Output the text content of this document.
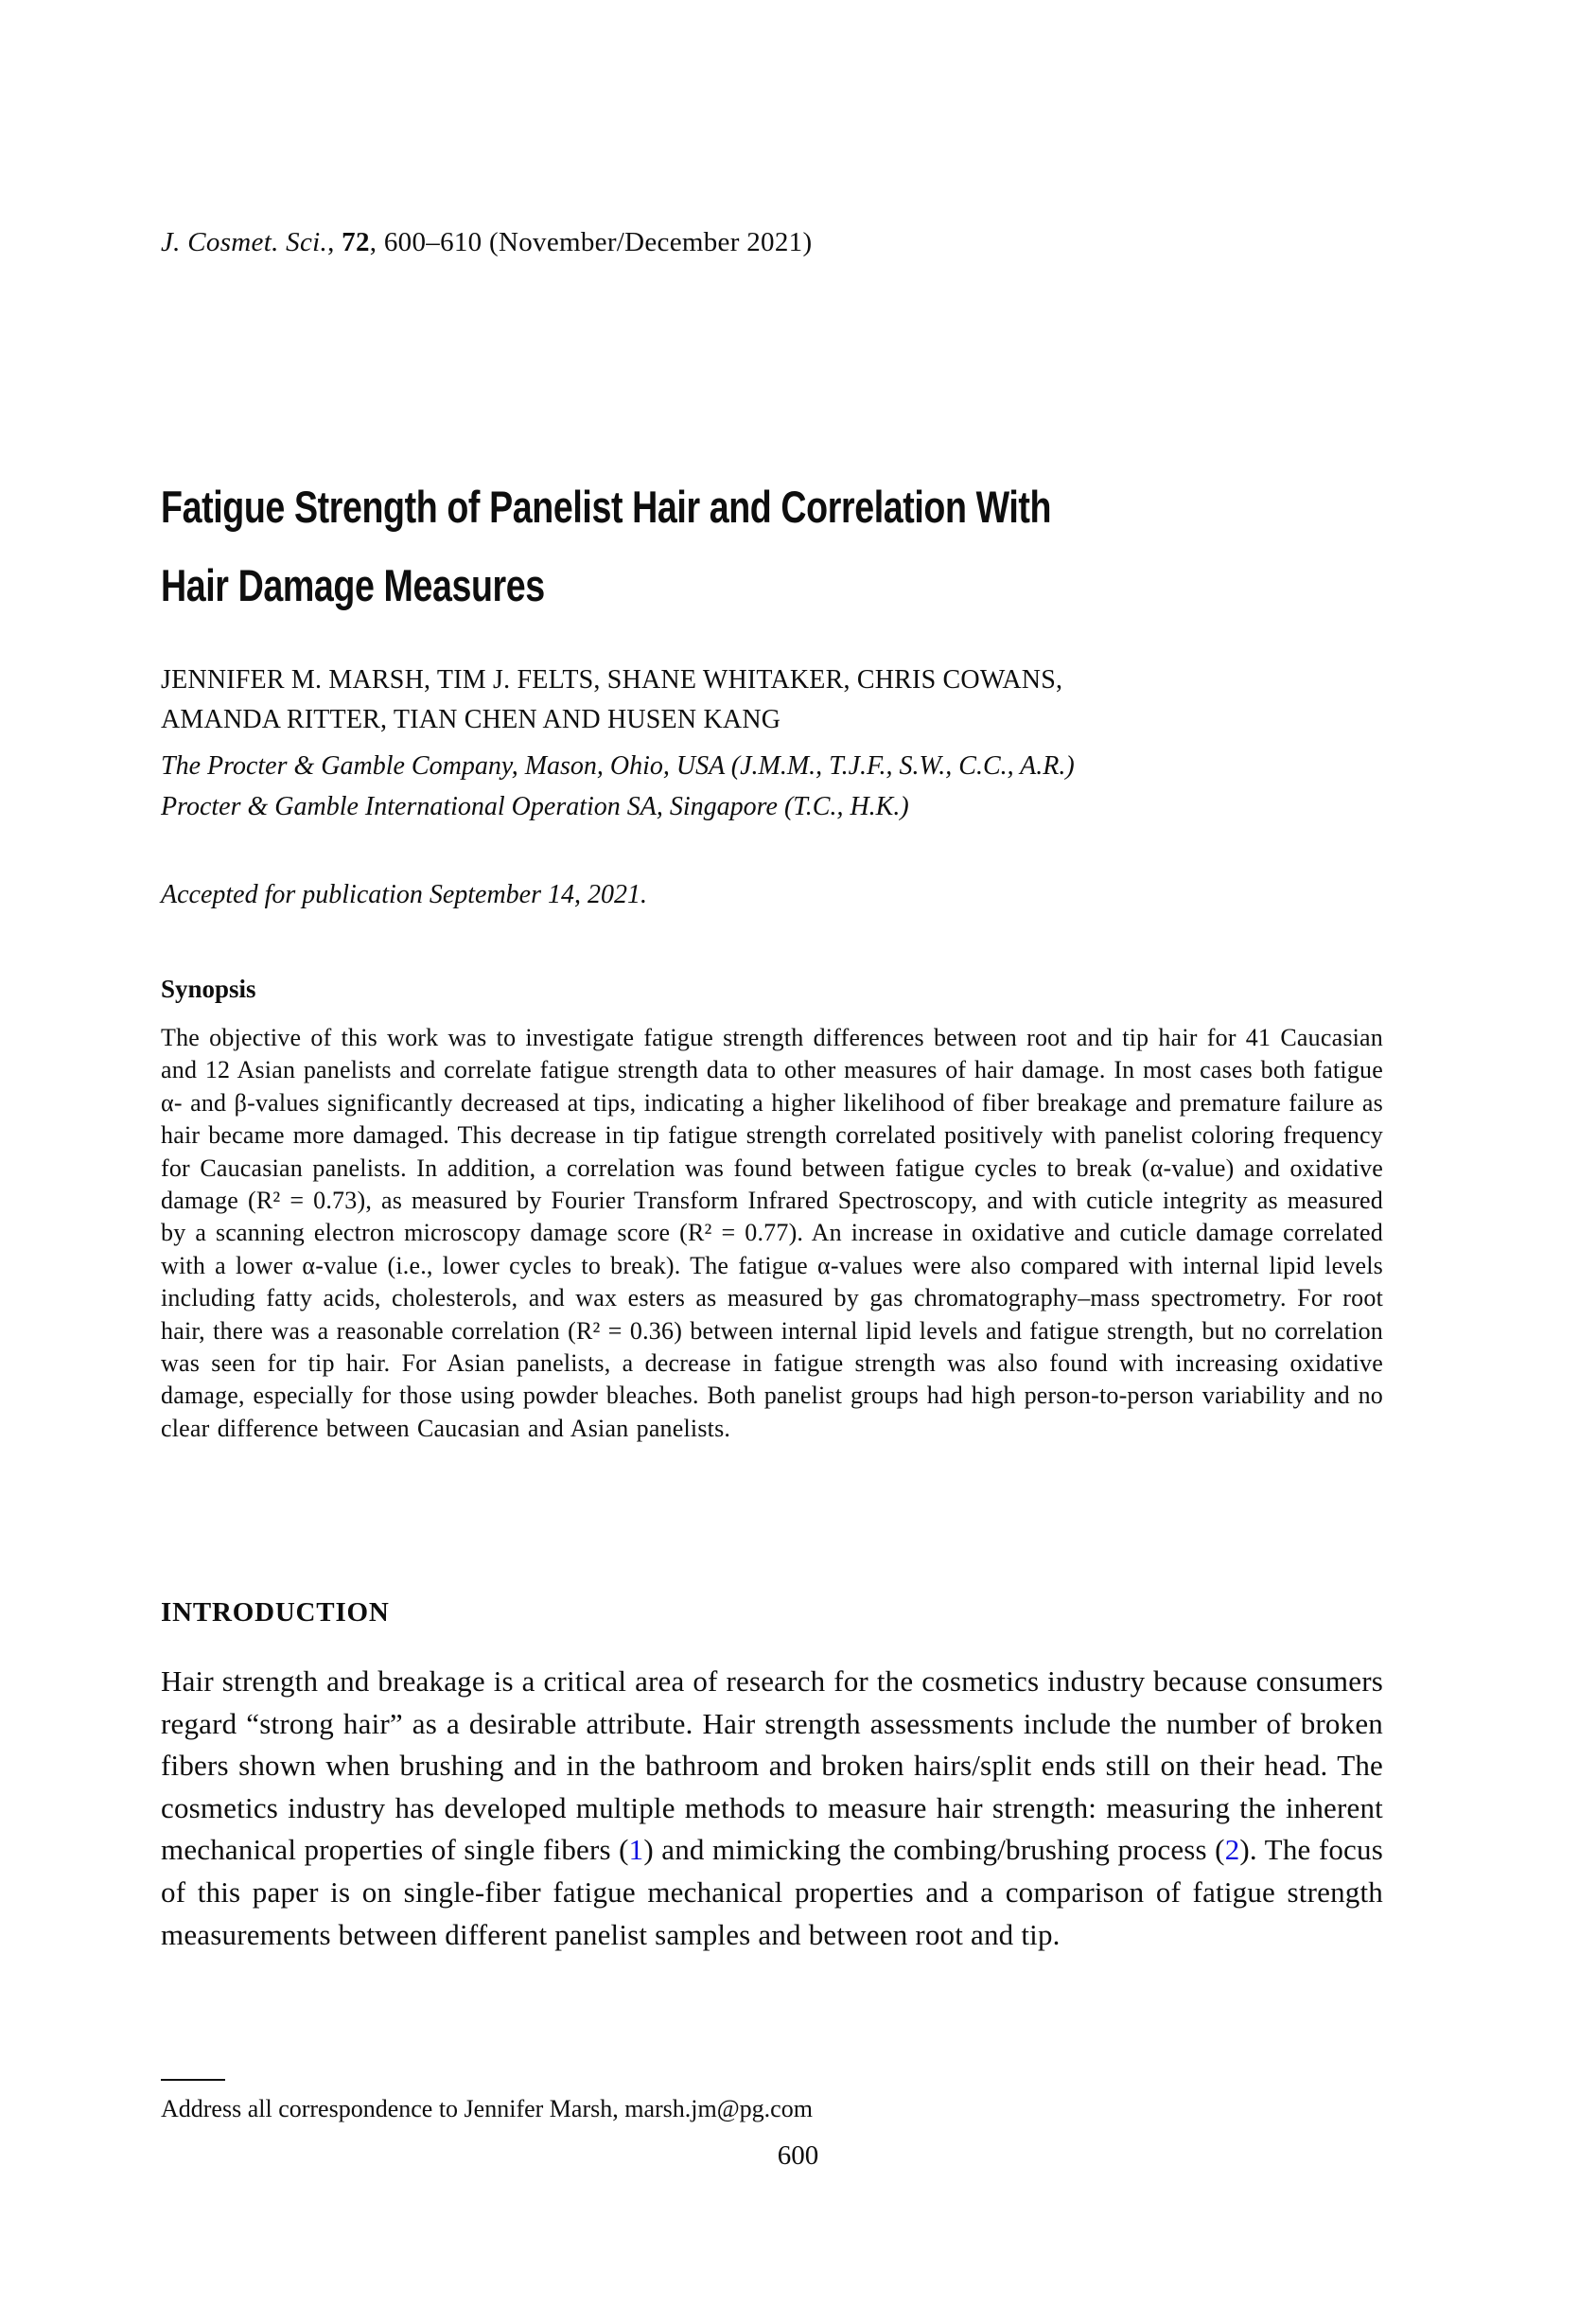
J. Cosmet. Sci., 72, 600–610 (November/December 2021)
Fatigue Strength of Panelist Hair and Correlation With
Hair Damage Measures
JENNIFER M. MARSH, TIM J. FELTS, SHANE WHITAKER, CHRIS COWANS,
AMANDA RITTER, TIAN CHEN AND HUSEN KANG
The Procter & Gamble Company, Mason, Ohio, USA (J.M.M., T.J.F., S.W., C.C., A.R.)
Procter & Gamble International Operation SA, Singapore (T.C., H.K.)
Accepted for publication September 14, 2021.
Synopsis
The objective of this work was to investigate fatigue strength differences between root and tip hair for 41 Caucasian and 12 Asian panelists and correlate fatigue strength data to other measures of hair damage. In most cases both fatigue α- and β-values significantly decreased at tips, indicating a higher likelihood of fiber breakage and premature failure as hair became more damaged. This decrease in tip fatigue strength correlated positively with panelist coloring frequency for Caucasian panelists. In addition, a correlation was found between fatigue cycles to break (α-value) and oxidative damage (R² = 0.73), as measured by Fourier Transform Infrared Spectroscopy, and with cuticle integrity as measured by a scanning electron microscopy damage score (R² = 0.77). An increase in oxidative and cuticle damage correlated with a lower α-value (i.e., lower cycles to break). The fatigue α-values were also compared with internal lipid levels including fatty acids, cholesterols, and wax esters as measured by gas chromatography–mass spectrometry. For root hair, there was a reasonable correlation (R² = 0.36) between internal lipid levels and fatigue strength, but no correlation was seen for tip hair. For Asian panelists, a decrease in fatigue strength was also found with increasing oxidative damage, especially for those using powder bleaches. Both panelist groups had high person-to-person variability and no clear difference between Caucasian and Asian panelists.
INTRODUCTION
Hair strength and breakage is a critical area of research for the cosmetics industry because consumers regard “strong hair” as a desirable attribute. Hair strength assessments include the number of broken fibers shown when brushing and in the bathroom and broken hairs/split ends still on their head. The cosmetics industry has developed multiple methods to measure hair strength: measuring the inherent mechanical properties of single fibers (1) and mimicking the combing/brushing process (2). The focus of this paper is on single-fiber fatigue mechanical properties and a comparison of fatigue strength measurements between different panelist samples and between root and tip.
Address all correspondence to Jennifer Marsh, marsh.jm@pg.com
600
